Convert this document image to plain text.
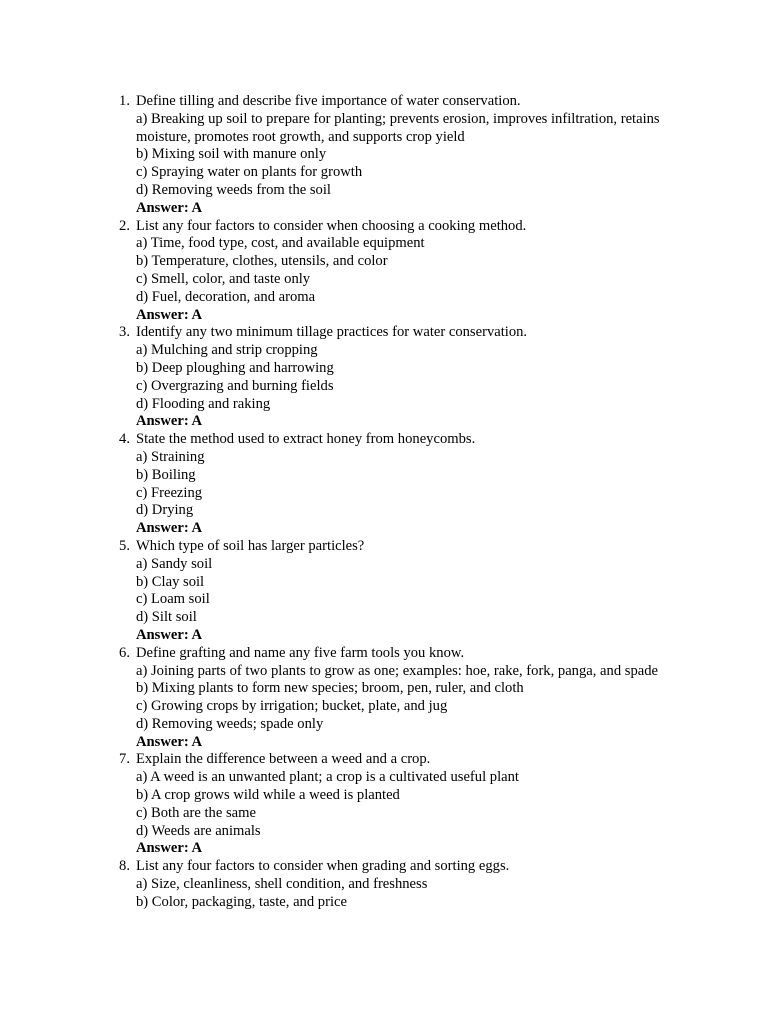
1. Define tilling and describe five importance of water conservation.
a) Breaking up soil to prepare for planting; prevents erosion, improves infiltration, retains moisture, promotes root growth, and supports crop yield
b) Mixing soil with manure only
c) Spraying water on plants for growth
d) Removing weeds from the soil
Answer: A
2. List any four factors to consider when choosing a cooking method.
a) Time, food type, cost, and available equipment
b) Temperature, clothes, utensils, and color
c) Smell, color, and taste only
d) Fuel, decoration, and aroma
Answer: A
3. Identify any two minimum tillage practices for water conservation.
a) Mulching and strip cropping
b) Deep ploughing and harrowing
c) Overgrazing and burning fields
d) Flooding and raking
Answer: A
4. State the method used to extract honey from honeycombs.
a) Straining
b) Boiling
c) Freezing
d) Drying
Answer: A
5. Which type of soil has larger particles?
a) Sandy soil
b) Clay soil
c) Loam soil
d) Silt soil
Answer: A
6. Define grafting and name any five farm tools you know.
a) Joining parts of two plants to grow as one; examples: hoe, rake, fork, panga, and spade
b) Mixing plants to form new species; broom, pen, ruler, and cloth
c) Growing crops by irrigation; bucket, plate, and jug
d) Removing weeds; spade only
Answer: A
7. Explain the difference between a weed and a crop.
a) A weed is an unwanted plant; a crop is a cultivated useful plant
b) A crop grows wild while a weed is planted
c) Both are the same
d) Weeds are animals
Answer: A
8. List any four factors to consider when grading and sorting eggs.
a) Size, cleanliness, shell condition, and freshness
b) Color, packaging, taste, and price
